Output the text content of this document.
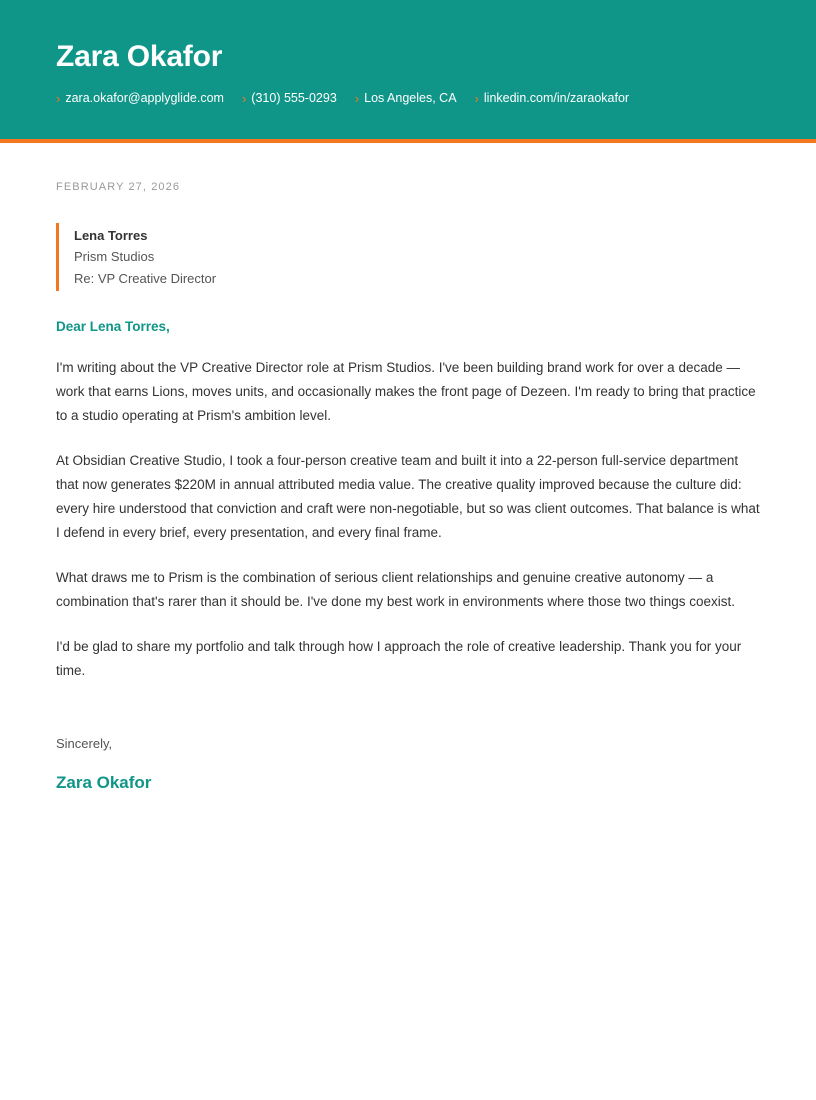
Zara Okafor
› zara.okafor@applyglide.com › (310) 555-0293 › Los Angeles, CA › linkedin.com/in/zaraokafor
FEBRUARY 27, 2026
Lena Torres
Prism Studios
Re: VP Creative Director
Dear Lena Torres,

I'm writing about the VP Creative Director role at Prism Studios. I've been building brand work for over a decade — work that earns Lions, moves units, and occasionally makes the front page of Dezeen. I'm ready to bring that practice to a studio operating at Prism's ambition level.

At Obsidian Creative Studio, I took a four-person creative team and built it into a 22-person full-service department that now generates $220M in annual attributed media value. The creative quality improved because the culture did: every hire understood that conviction and craft were non-negotiable, but so was client outcomes. That balance is what I defend in every brief, every presentation, and every final frame.

What draws me to Prism is the combination of serious client relationships and genuine creative autonomy — a combination that's rarer than it should be. I've done my best work in environments where those two things coexist.

I'd be glad to share my portfolio and talk through how I approach the role of creative leadership. Thank you for your time.

Sincerely,
Zara Okafor
